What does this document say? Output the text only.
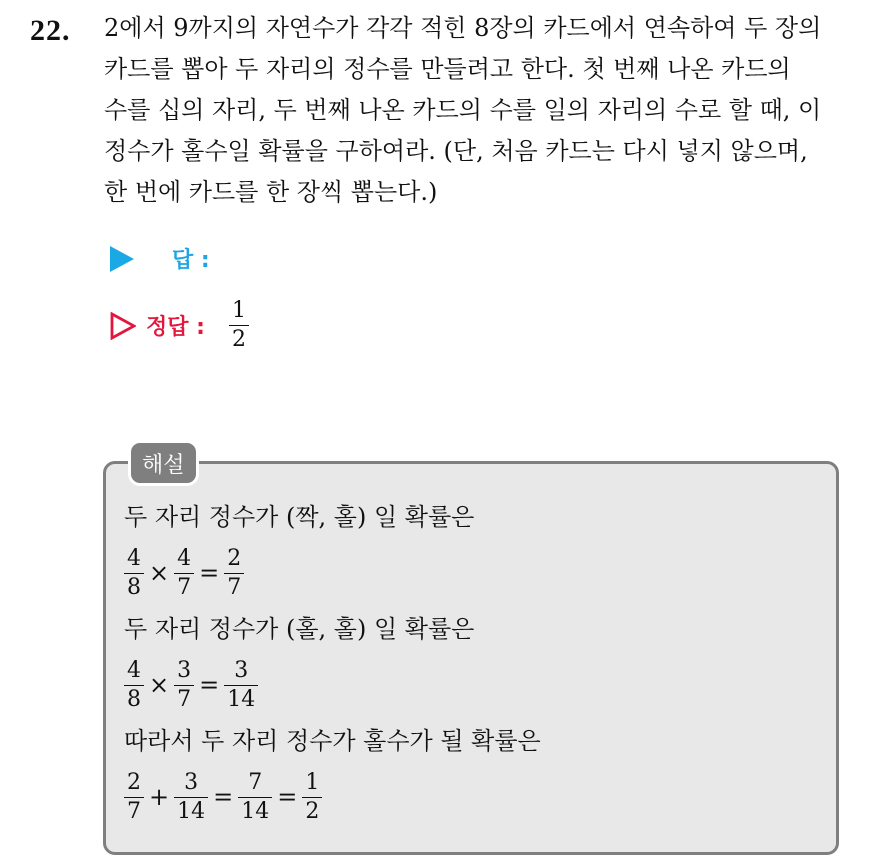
22. 2에서 9까지의 자연수가 각각 적힌 8장의 카드에서 연속하여 두 장의

카드를 뽑아 두 자리의 정수를 만들려고 한다. 첫 번째 나온 카드의

수를 십의 자리, 두 번째 나온 카드의 수를 일의 자리의 수로 할 때, 이

정수가 홀수일 확률을 구하여라. (단, 처음 카드는 다시 넣지 않으며,

한 번에 카드를 한 장씩 뽑는다.)

답 :
정답 : $\frac{1}{2}$
해설
두 자리 정수가 (짝, 홀) 일 확률은
$\frac{4}{8} \times \frac{4}{7} = \frac{2}{7}$
두 자리 정수가 (홀, 홀) 일 확률은
$\frac{4}{8} \times \frac{3}{7} = \frac{3}{14}$
따라서 두 자리 정수가 홀수가 될 확률은
$\frac{2}{7} + \frac{3}{14} = \frac{7}{14} = \frac{1}{2}$
